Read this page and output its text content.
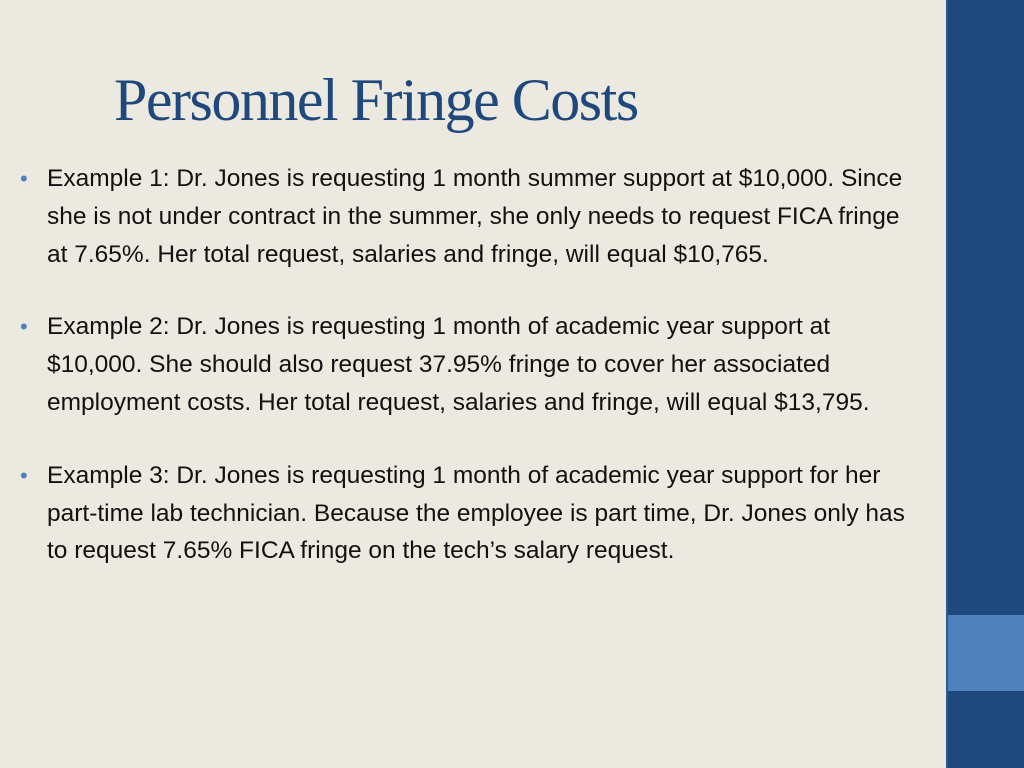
Personnel Fringe Costs
• Example 1: Dr. Jones is requesting 1 month summer support at $10,000. Since she is not under contract in the summer, she only needs to request FICA fringe at 7.65%. Her total request, salaries and fringe, will equal $10,765.
• Example 2: Dr. Jones is requesting 1 month of academic year support at $10,000. She should also request 37.95% fringe to cover her associated employment costs. Her total request, salaries and fringe, will equal $13,795.
• Example 3: Dr. Jones is requesting 1 month of academic year support for her part-time lab technician. Because the employee is part time, Dr. Jones only has to request 7.65% FICA fringe on the tech’s salary request.
